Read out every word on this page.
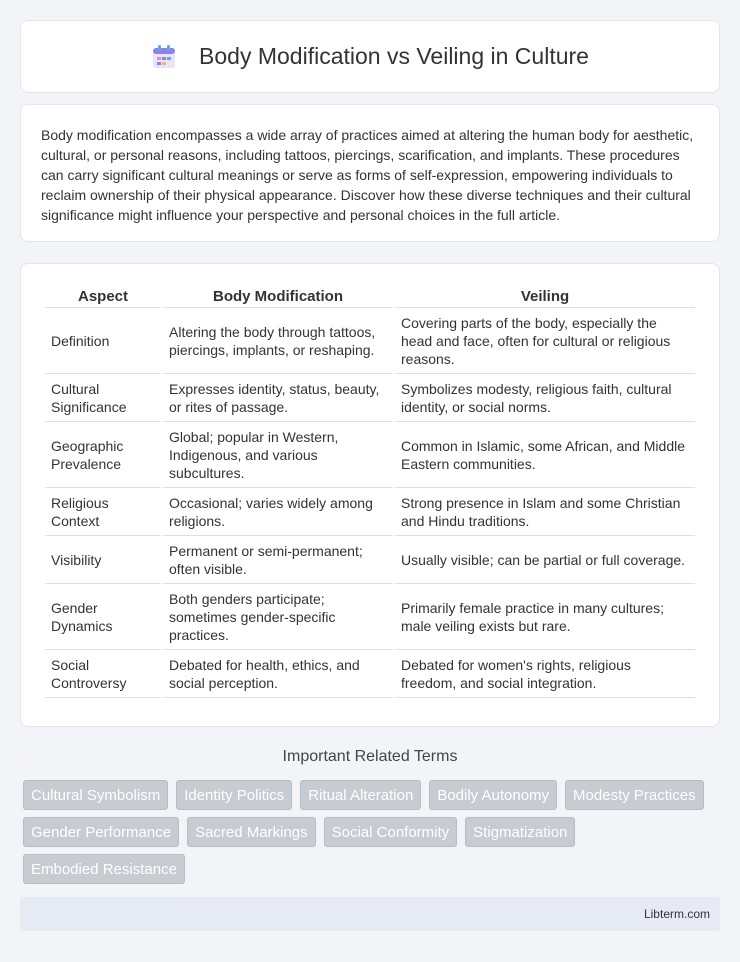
Body Modification vs Veiling in Culture

Body modification encompasses a wide array of practices aimed at altering the human body for aesthetic, cultural, or personal reasons, including tattoos, piercings, scarification, and implants. These procedures can carry significant cultural meanings or serve as forms of self-expression, empowering individuals to reclaim ownership of their physical appearance. Discover how these diverse techniques and their cultural significance might influence your perspective and personal choices in the full article.

Aspect	Body Modification	Veiling
Definition	Altering the body through tattoos, piercings, implants, or reshaping.	Covering parts of the body, especially the head and face, often for cultural or religious reasons.
Cultural Significance	Expresses identity, status, beauty, or rites of passage.	Symbolizes modesty, religious faith, cultural identity, or social norms.
Geographic Prevalence	Global; popular in Western, Indigenous, and various subcultures.	Common in Islamic, some African, and Middle Eastern communities.
Religious Context	Occasional; varies widely among religions.	Strong presence in Islam and some Christian and Hindu traditions.
Visibility	Permanent or semi-permanent; often visible.	Usually visible; can be partial or full coverage.
Gender Dynamics	Both genders participate; sometimes gender-specific practices.	Primarily female practice in many cultures; male veiling exists but rare.
Social Controversy	Debated for health, ethics, and social perception.	Debated for women's rights, religious freedom, and social integration.
Important Related Terms
Cultural Symbolism	Identity Politics	Ritual Alteration	Bodily Autonomy	Modesty Practices
Gender Performance	Sacred Markings	Social Conformity	Stigmatization
Embodied Resistance
Libterm.com
